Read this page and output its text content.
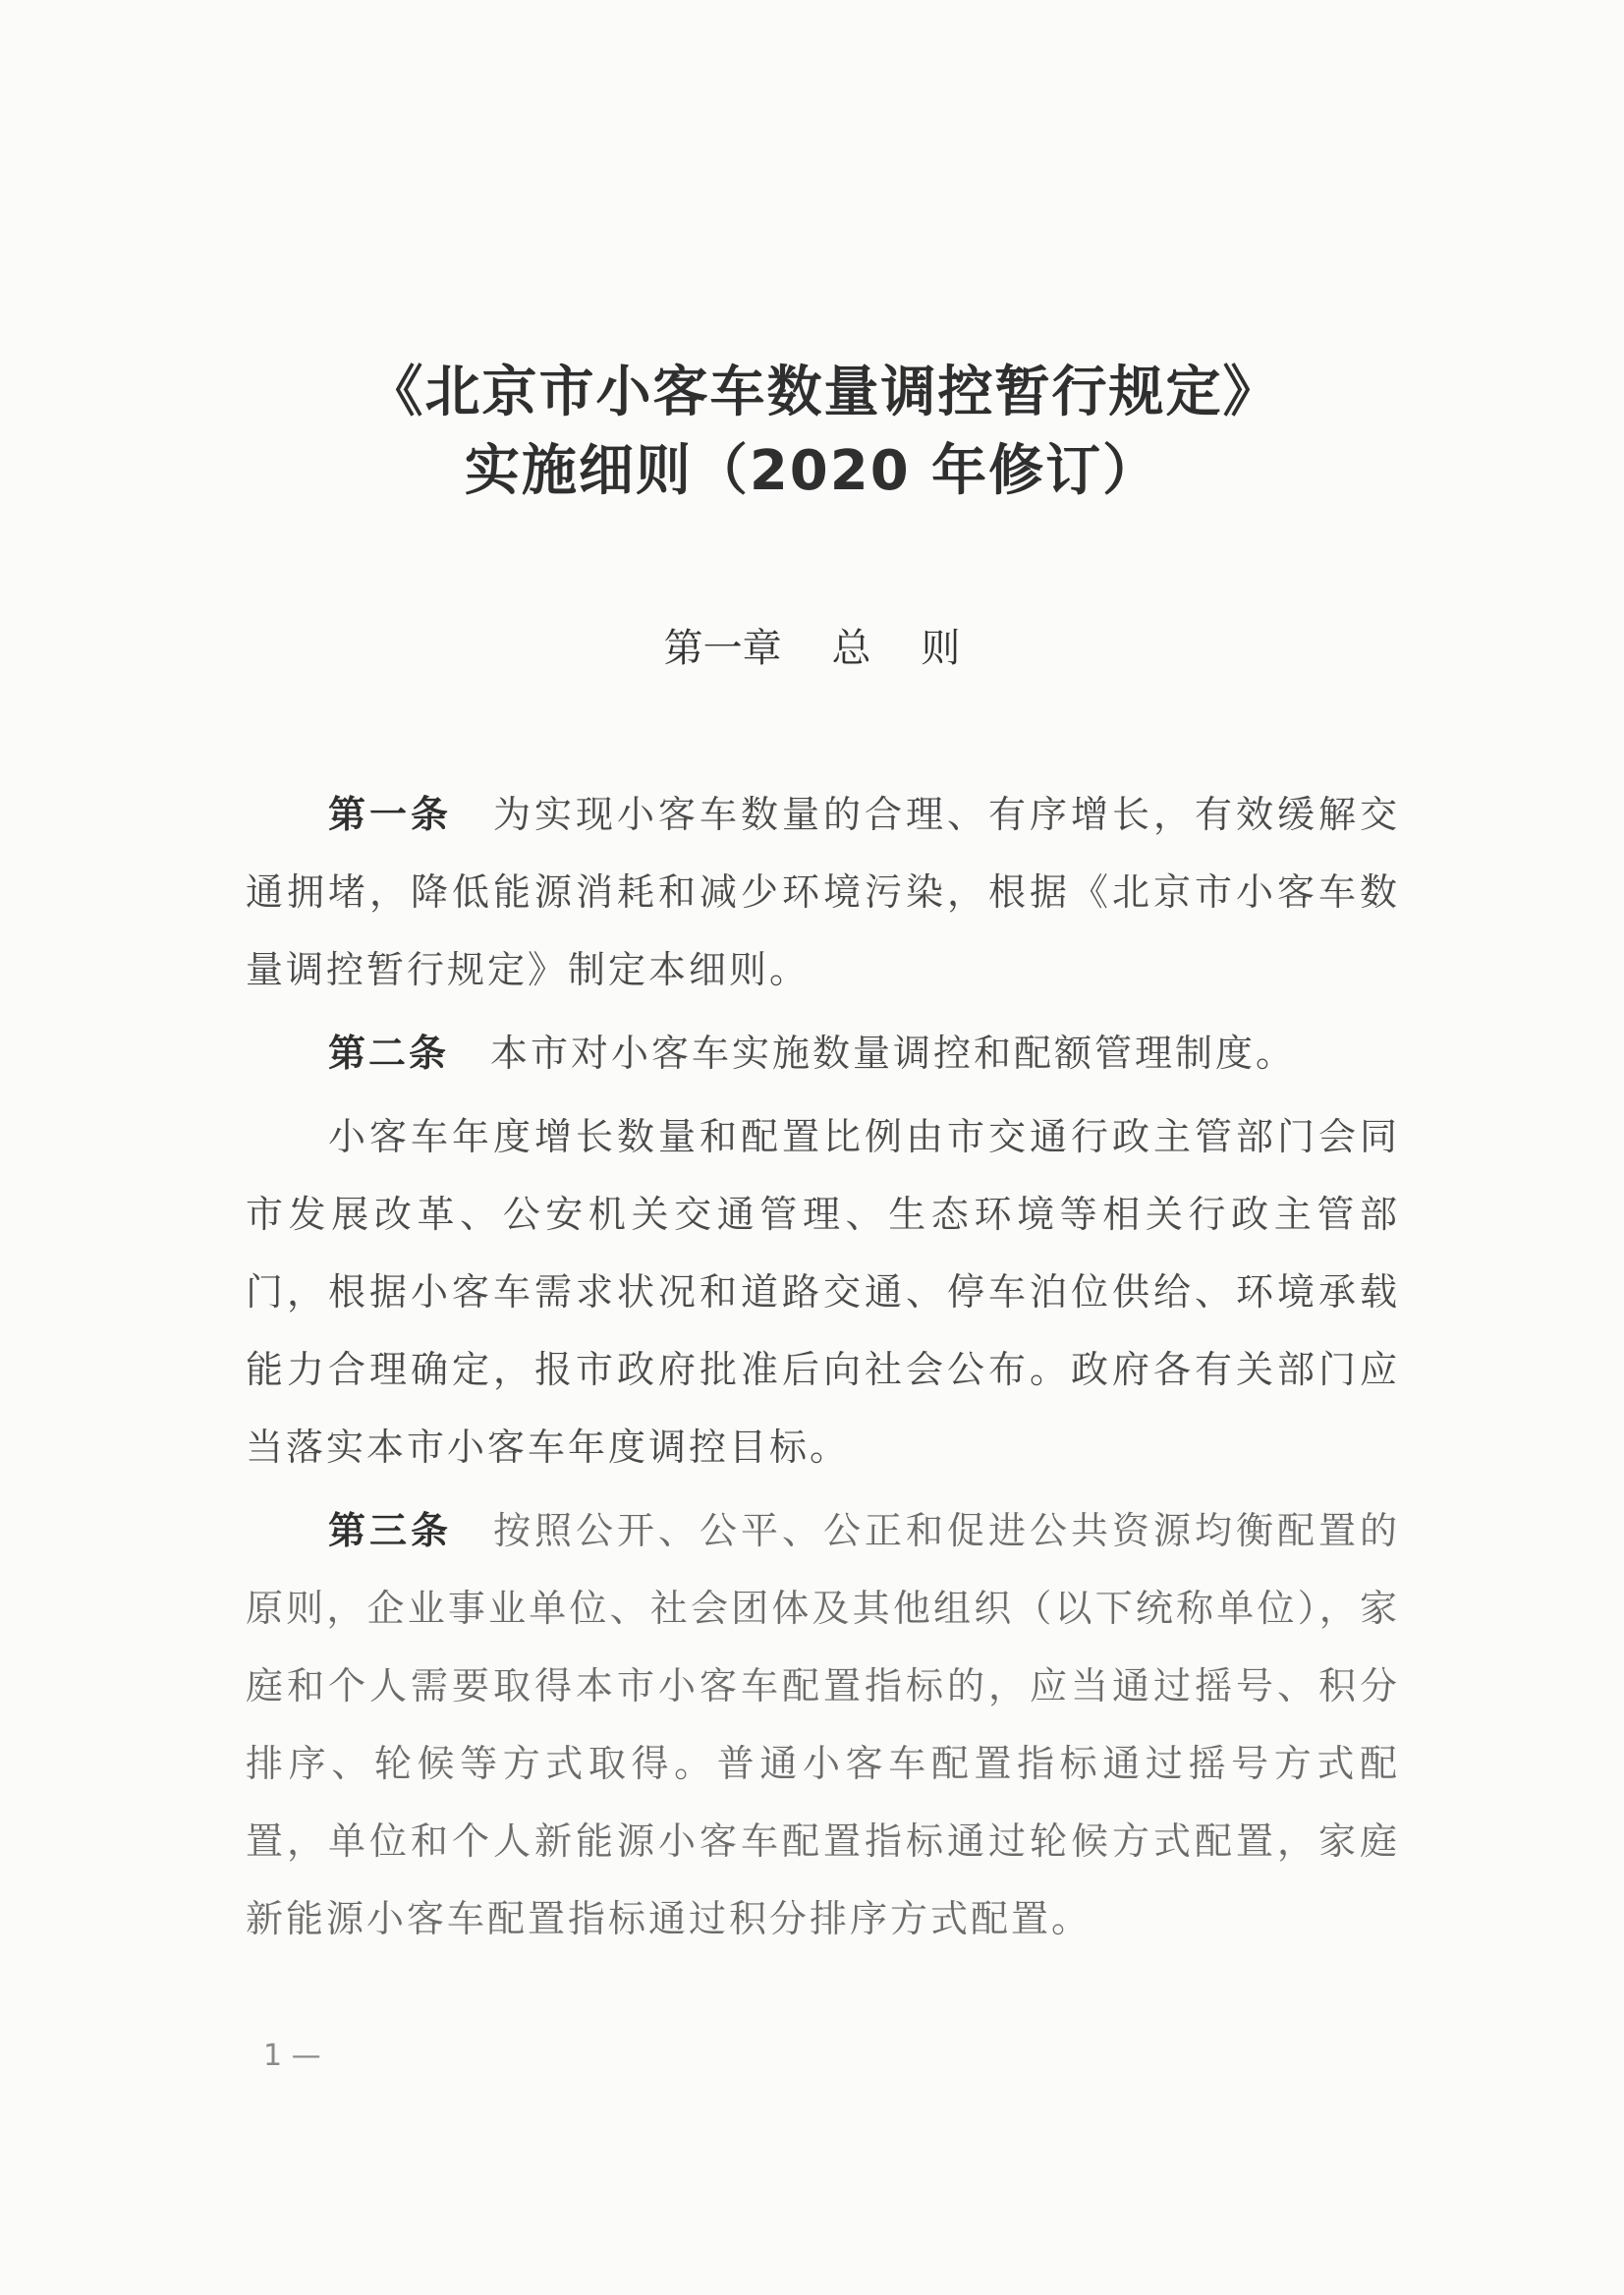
《北京市小客车数量调控暂行规定》
实施细则（2020 年修订）
第一章    总    则

第一条 为实现小客车数量的合理、有序增长，有效缓解交通拥堵，降低能源消耗和减少环境污染，根据《北京市小客车数量调控暂行规定》制定本细则。

第二条 本市对小客车实施数量调控和配额管理制度。

小客车年度增长数量和配置比例由市交通行政主管部门会同市发展改革、公安机关交通管理、生态环境等相关行政主管部门，根据小客车需求状况和道路交通、停车泊位供给、环境承载能力合理确定，报市政府批准后向社会公布。政府各有关部门应当落实本市小客车年度调控目标。

第三条 按照公开、公平、公正和促进公共资源均衡配置的原则，企业事业单位、社会团体及其他组织（以下统称单位），家庭和个人需要取得本市小客车配置指标的，应当通过摇号、积分排序、轮候等方式取得。普通小客车配置指标通过摇号方式配置，单位和个人新能源小客车配置指标通过轮候方式配置，家庭新能源小客车配置指标通过积分排序方式配置。

1 —
